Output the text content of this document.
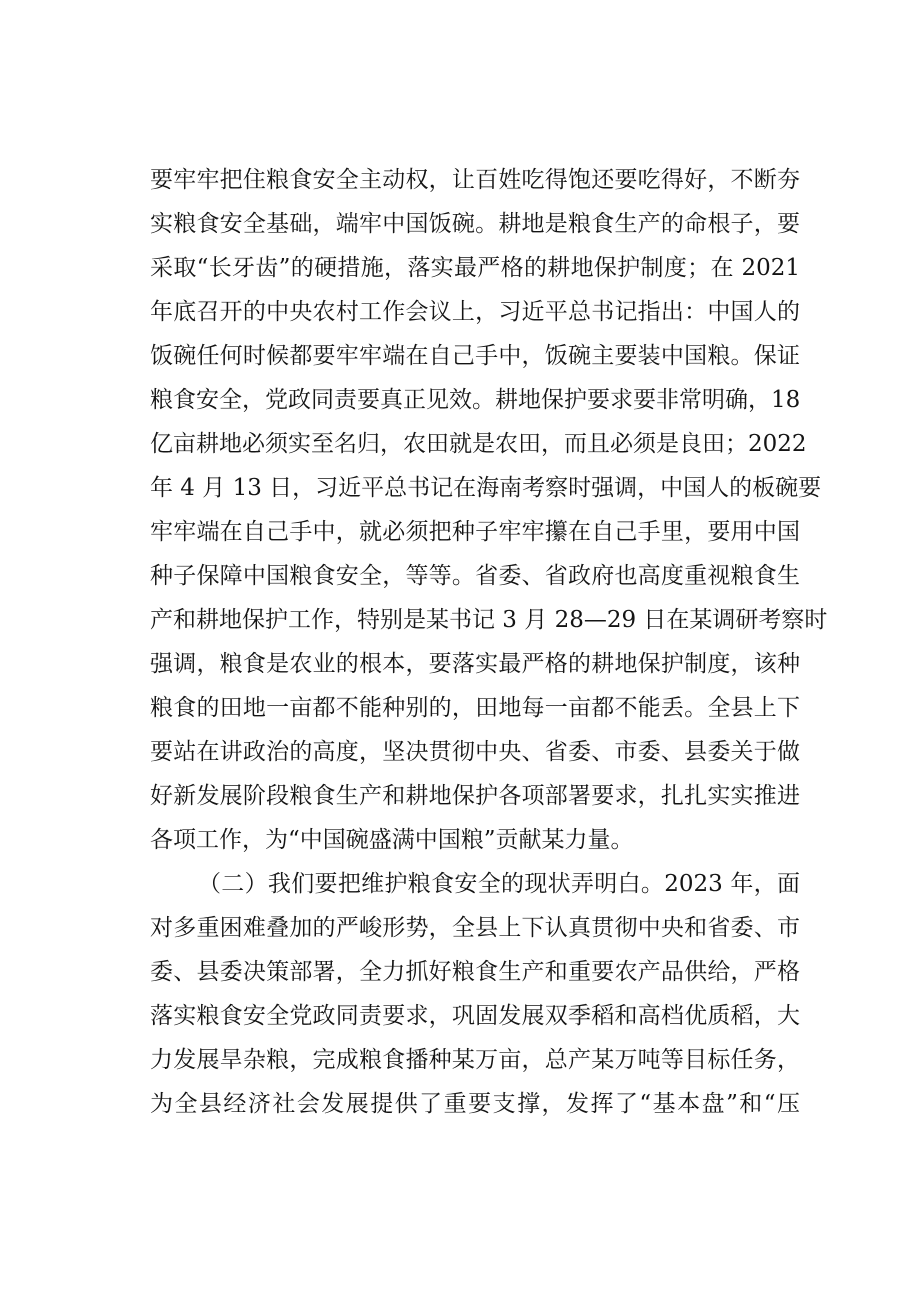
要牢牢把住粮食安全主动权，让百姓吃得饱还要吃得好，不断夯
实粮食安全基础，端牢中国饭碗。耕地是粮食生产的命根子，要
采取“长牙齿”的硬措施，落实最严格的耕地保护制度；在 2021
年底召开的中央农村工作会议上，习近平总书记指出：中国人的
饭碗任何时候都要牢牢端在自己手中，饭碗主要装中国粮。保证
粮食安全，党政同责要真正见效。耕地保护要求要非常明确，18
亿亩耕地必须实至名归，农田就是农田，而且必须是良田；2022
年 4 月 13 日，习近平总书记在海南考察时强调，中国人的板碗要
牢牢端在自己手中，就必须把种子牢牢攥在自己手里，要用中国
种子保障中国粮食安全，等等。省委、省政府也高度重视粮食生
产和耕地保护工作，特别是某书记 3 月 28—29 日在某调研考察时
强调，粮食是农业的根本，要落实最严格的耕地保护制度，该种
粮食的田地一亩都不能种别的，田地每一亩都不能丢。全县上下
要站在讲政治的高度，坚决贯彻中央、省委、市委、县委关于做
好新发展阶段粮食生产和耕地保护各项部署要求，扎扎实实推进
各项工作，为“中国碗盛满中国粮”贡献某力量。
（二）我们要把维护粮食安全的现状弄明白。2023 年，面
对多重困难叠加的严峻形势，全县上下认真贯彻中央和省委、市
委、县委决策部署，全力抓好粮食生产和重要农产品供给，严格
落实粮食安全党政同责要求，巩固发展双季稻和高档优质稻，大
力发展旱杂粮，完成粮食播种某万亩，总产某万吨等目标任务，
为全县经济社会发展提供了重要支撑，发挥了“基本盘”和“压
